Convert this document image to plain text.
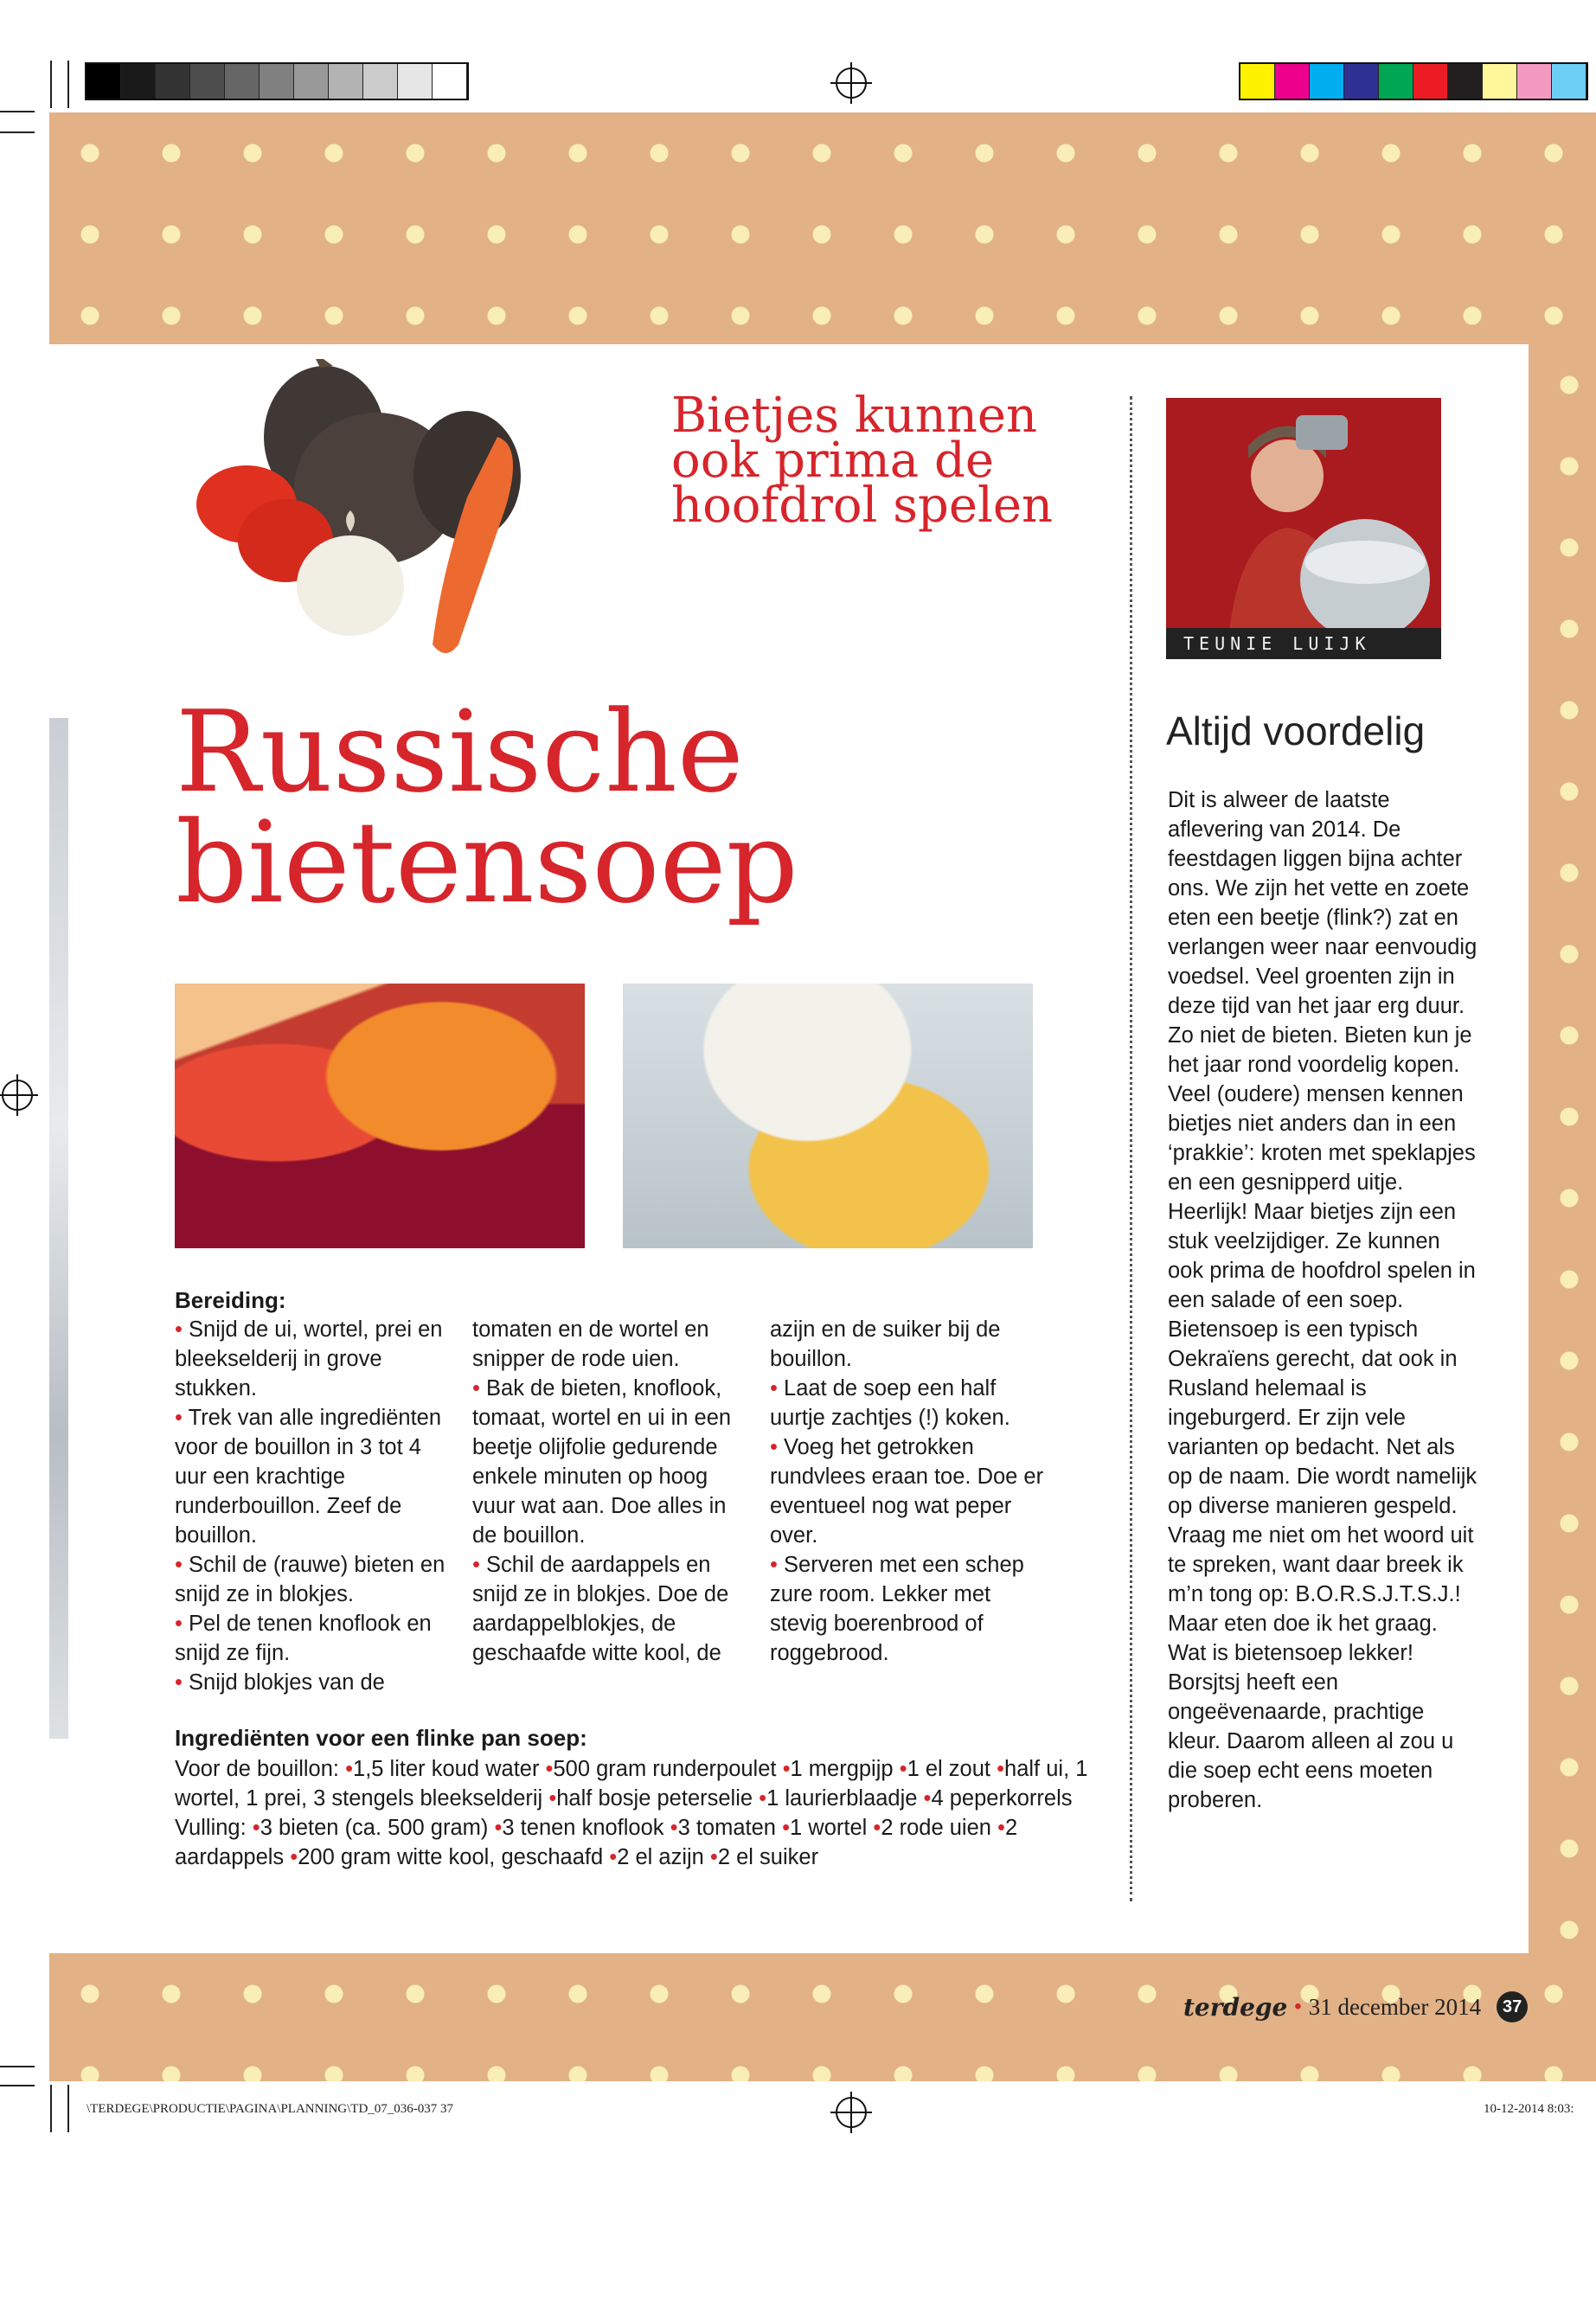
Bietjes kunnen ook prima de hoofdrol spelen
Russische bietensoep
Bereiding:

• Snijd de ui, wortel, prei en bleekselderij in grove stukken.

• Trek van alle ingrediënten voor de bouillon in 3 tot 4 uur een krachtige runderbouillon. Zeef de bouillon.

• Schil de (rauwe) bieten en snijd ze in blokjes.

• Pel de tenen knoflook en snijd ze fijn.

• Snijd blokjes van de

tomaten en de wortel en snipper de rode uien.

• Bak de bieten, knoflook, tomaat, wortel en ui in een beetje olijfolie gedurende enkele minuten op hoog vuur wat aan. Doe alles in de bouillon.

• Schil de aardappels en snijd ze in blokjes. Doe de aardappelblokjes, de geschaafde witte kool, de

azijn en de suiker bij de bouillon.

• Laat de soep een half uurtje zachtjes (!) koken.

• Voeg het getrokken rundvlees eraan toe. Doe er eventueel nog wat peper over.

• Serveren met een schep zure room. Lekker met stevig boerenbrood of roggebrood.

Ingrediënten voor een flinke pan soep:
Voor de bouillon: • 1,5 liter koud water • 500 gram runderpoulet • 1 mergpijp • 1 el zout • half ui, 1 wortel, 1 prei, 3 stengels bleekselderij • half bosje peterselie • 1 laurierblaadje • 4 peperkorrels
Vulling: • 3 bieten (ca. 500 gram) • 3 tenen knoflook • 3 tomaten • 1 wortel • 2 rode uien • 2 aardappels • 200 gram witte kool, geschaafd • 2 el azijn • 2 el suiker
TEUNIE LUIJK
Altijd voordelig

Dit is alweer de laatste aflevering van 2014. De feestdagen liggen bijna achter ons. We zijn het vette en zoete eten een beetje (flink?) zat en verlangen weer naar eenvoudig voedsel. Veel groenten zijn in deze tijd van het jaar erg duur. Zo niet de bieten. Bieten kun je het jaar rond voordelig kopen. Veel (oudere) mensen kennen bietjes niet anders dan in een ‘prakkie’: kroten met speklapjes en een gesnipperd uitje. Heerlijk! Maar bietjes zijn een stuk veelzijdiger. Ze kunnen ook prima de hoofdrol spelen in een salade of een soep. Bietensoep is een typisch Oekraïens gerecht, dat ook in Rusland helemaal is ingeburgerd. Er zijn vele varianten op bedacht. Net als op de naam. Die wordt namelijk op diverse manieren gespeld. Vraag me niet om het woord uit te spreken, want daar breek ik m’n tong op: B.O.R.S.J.T.S.J.! Maar eten doe ik het graag. Wat is bietensoep lekker! Borsjtsj heeft een ongeëvenaarde, prachtige kleur. Daarom alleen al zou u die soep echt eens moeten proberen.

terdege • 31 december 2014	37
\TERDEGE\PRODUCTIE\PAGINA\PLANNING\TD_07_036-037 37	10-12-2014 8:03:
